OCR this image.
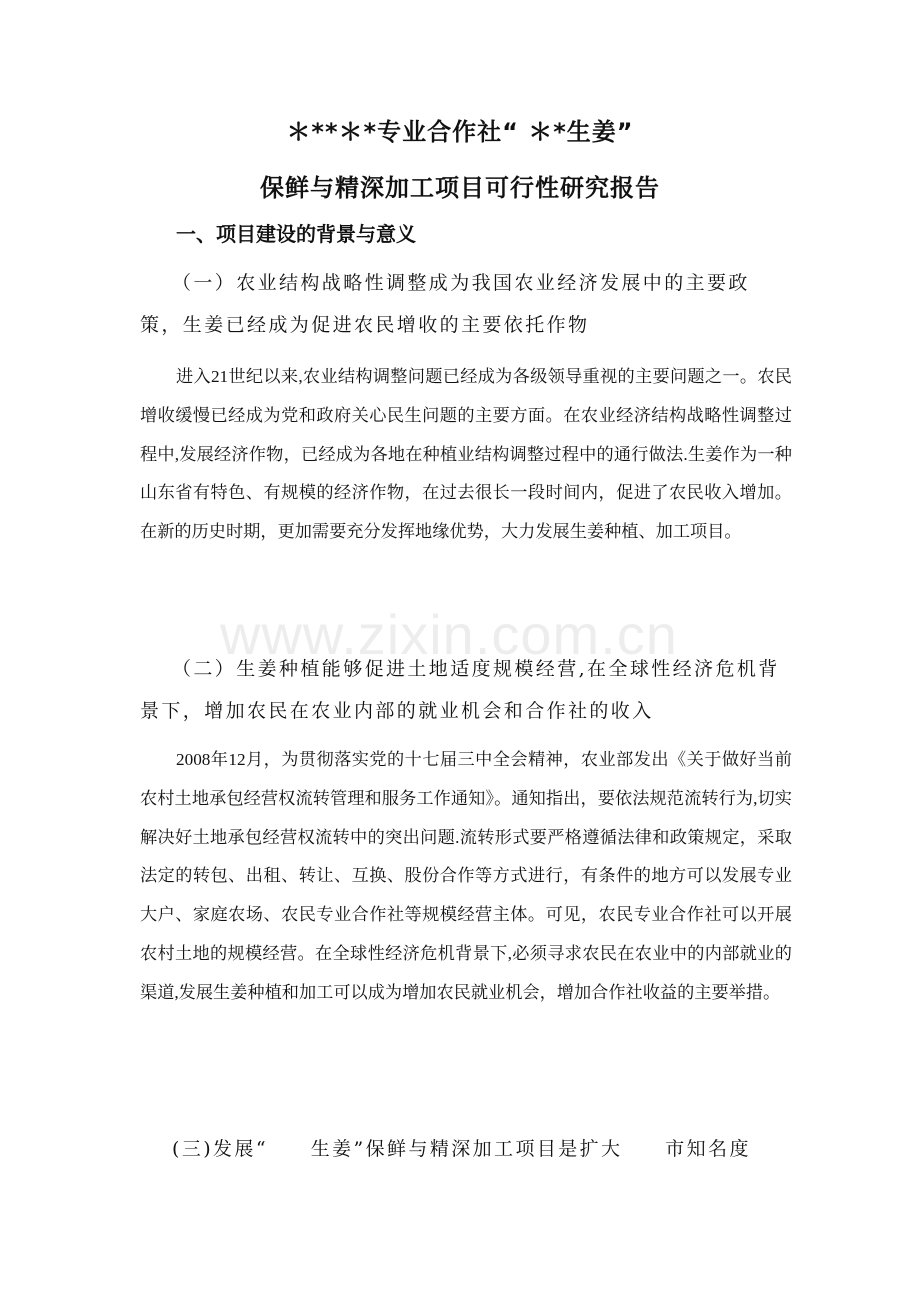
www.zixin.com.cn
＊**＊*专业合作社“ ＊*生姜”
保鲜与精深加工项目可行性研究报告
一、项目建设的背景与意义

（一）农业结构战略性调整成为我国农业经济发展中的主要政策，生姜已经成为促进农民增收的主要依托作物

进入21世纪以来,农业结构调整问题已经成为各级领导重视的主要问题之一。农民增收缓慢已经成为党和政府关心民生问题的主要方面。在农业经济结构战略性调整过程中,发展经济作物，已经成为各地在种植业结构调整过程中的通行做法.生姜作为一种山东省有特色、有规模的经济作物，在过去很长一段时间内，促进了农民收入增加。在新的历史时期，更加需要充分发挥地缘优势，大力发展生姜种植、加工项目。

（二）生姜种植能够促进土地适度规模经营,在全球性经济危机背景下，增加农民在农业内部的就业机会和合作社的收入

2008年12月，为贯彻落实党的十七届三中全会精神，农业部发出《关于做好当前农村土地承包经营权流转管理和服务工作通知》。通知指出，要依法规范流转行为,切实解决好土地承包经营权流转中的突出问题.流转形式要严格遵循法律和政策规定，采取法定的转包、出租、转让、互换、股份合作等方式进行，有条件的地方可以发展专业大户、家庭农场、农民专业合作社等规模经营主体。可见，农民专业合作社可以开展农村土地的规模经营。在全球性经济危机背景下,必须寻求农民在农业中的内部就业的渠道,发展生姜种植和加工可以成为增加农民就业机会，增加合作社收益的主要举措。

(三)发展“　　生姜”保鲜与精深加工项目是扩大　　市知名度
